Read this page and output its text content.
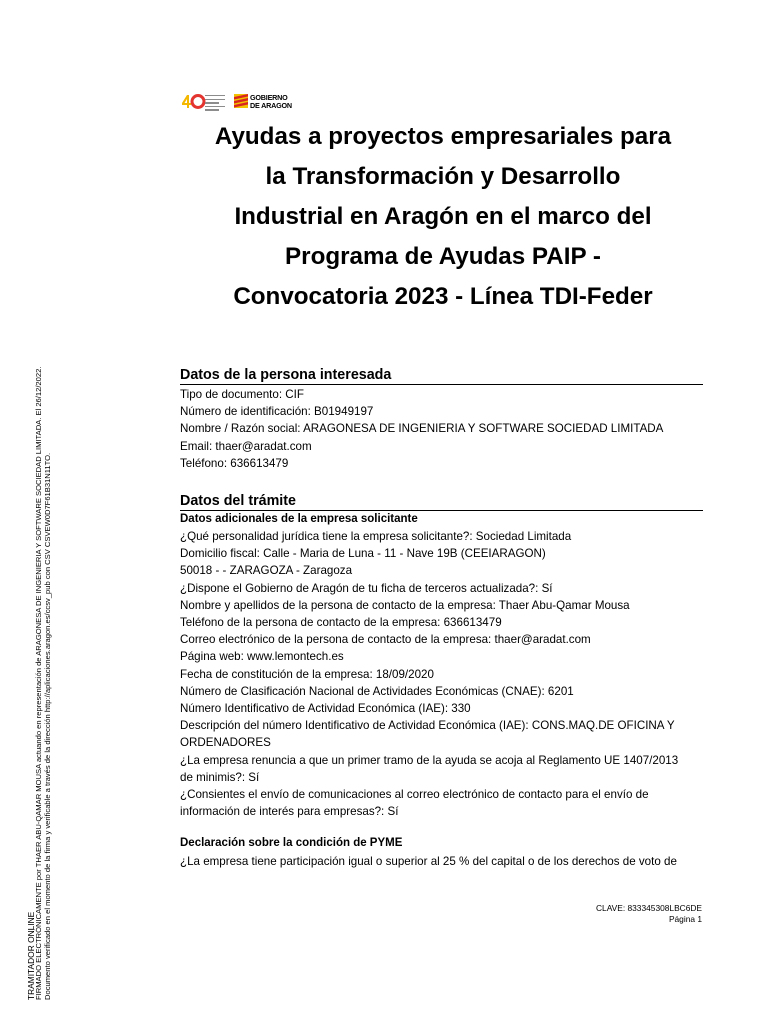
TRAMITADOR ONLINE
FIRMADO ELECTRÓNICAMENTE por THAER ABU-QAMAR MOUSA actuando en representación de ARAGONESA DE INGENIERIA Y SOFTWARE SOCIEDAD LIMITADA. El 26/12/2022. Documento verificado en el momento de la firma y verificable a través de la dirección http://aplicaciones.aragon.es/ccsv_pub con CSV CSVEW0D7F61B31N11TO.
GOBIERNO
DE ARAGON
Ayudas a proyectos empresariales para
la Transformación y Desarrollo
Industrial en Aragón en el marco del
Programa de Ayudas PAIP -
Convocatoria 2023 - Línea TDI-Feder
Datos de la persona interesada
Tipo de documento: CIF
Número de identificación: B01949197
Nombre / Razón social: ARAGONESA DE INGENIERIA Y SOFTWARE SOCIEDAD LIMITADA
Email: thaer@aradat.com
Teléfono: 636613479
Datos del trámite
Datos adicionales de la empresa solicitante
¿Qué personalidad jurídica tiene la empresa solicitante?: Sociedad Limitada
Domicilio fiscal: Calle - Maria de Luna - 11 - Nave 19B (CEEIARAGON)
50018 - - ZARAGOZA - Zaragoza
¿Dispone el Gobierno de Aragón de tu ficha de terceros actualizada?: Sí
Nombre y apellidos de la persona de contacto de la empresa: Thaer Abu-Qamar Mousa
Teléfono de la persona de contacto de la empresa: 636613479
Correo electrónico de la persona de contacto de la empresa: thaer@aradat.com
Página web: www.lemontech.es
Fecha de constitución de la empresa: 18/09/2020
Número de Clasificación Nacional de Actividades Económicas (CNAE): 6201
Número Identificativo de Actividad Económica (IAE): 330
Descripción del número Identificativo de Actividad Económica (IAE): CONS.MAQ.DE OFICINA Y
ORDENADORES
¿La empresa renuncia a que un primer tramo de la ayuda se acoja al Reglamento UE 1407/2013
de minimis?: Sí
¿Consientes el envío de comunicaciones al correo electrónico de contacto para el envío de
información de interés para empresas?: Sí
Declaración sobre la condición de PYME
¿La empresa tiene participación igual o superior al 25 % del capital o de los derechos de voto de
CLAVE: 833345308LBC6DE
Página 1
